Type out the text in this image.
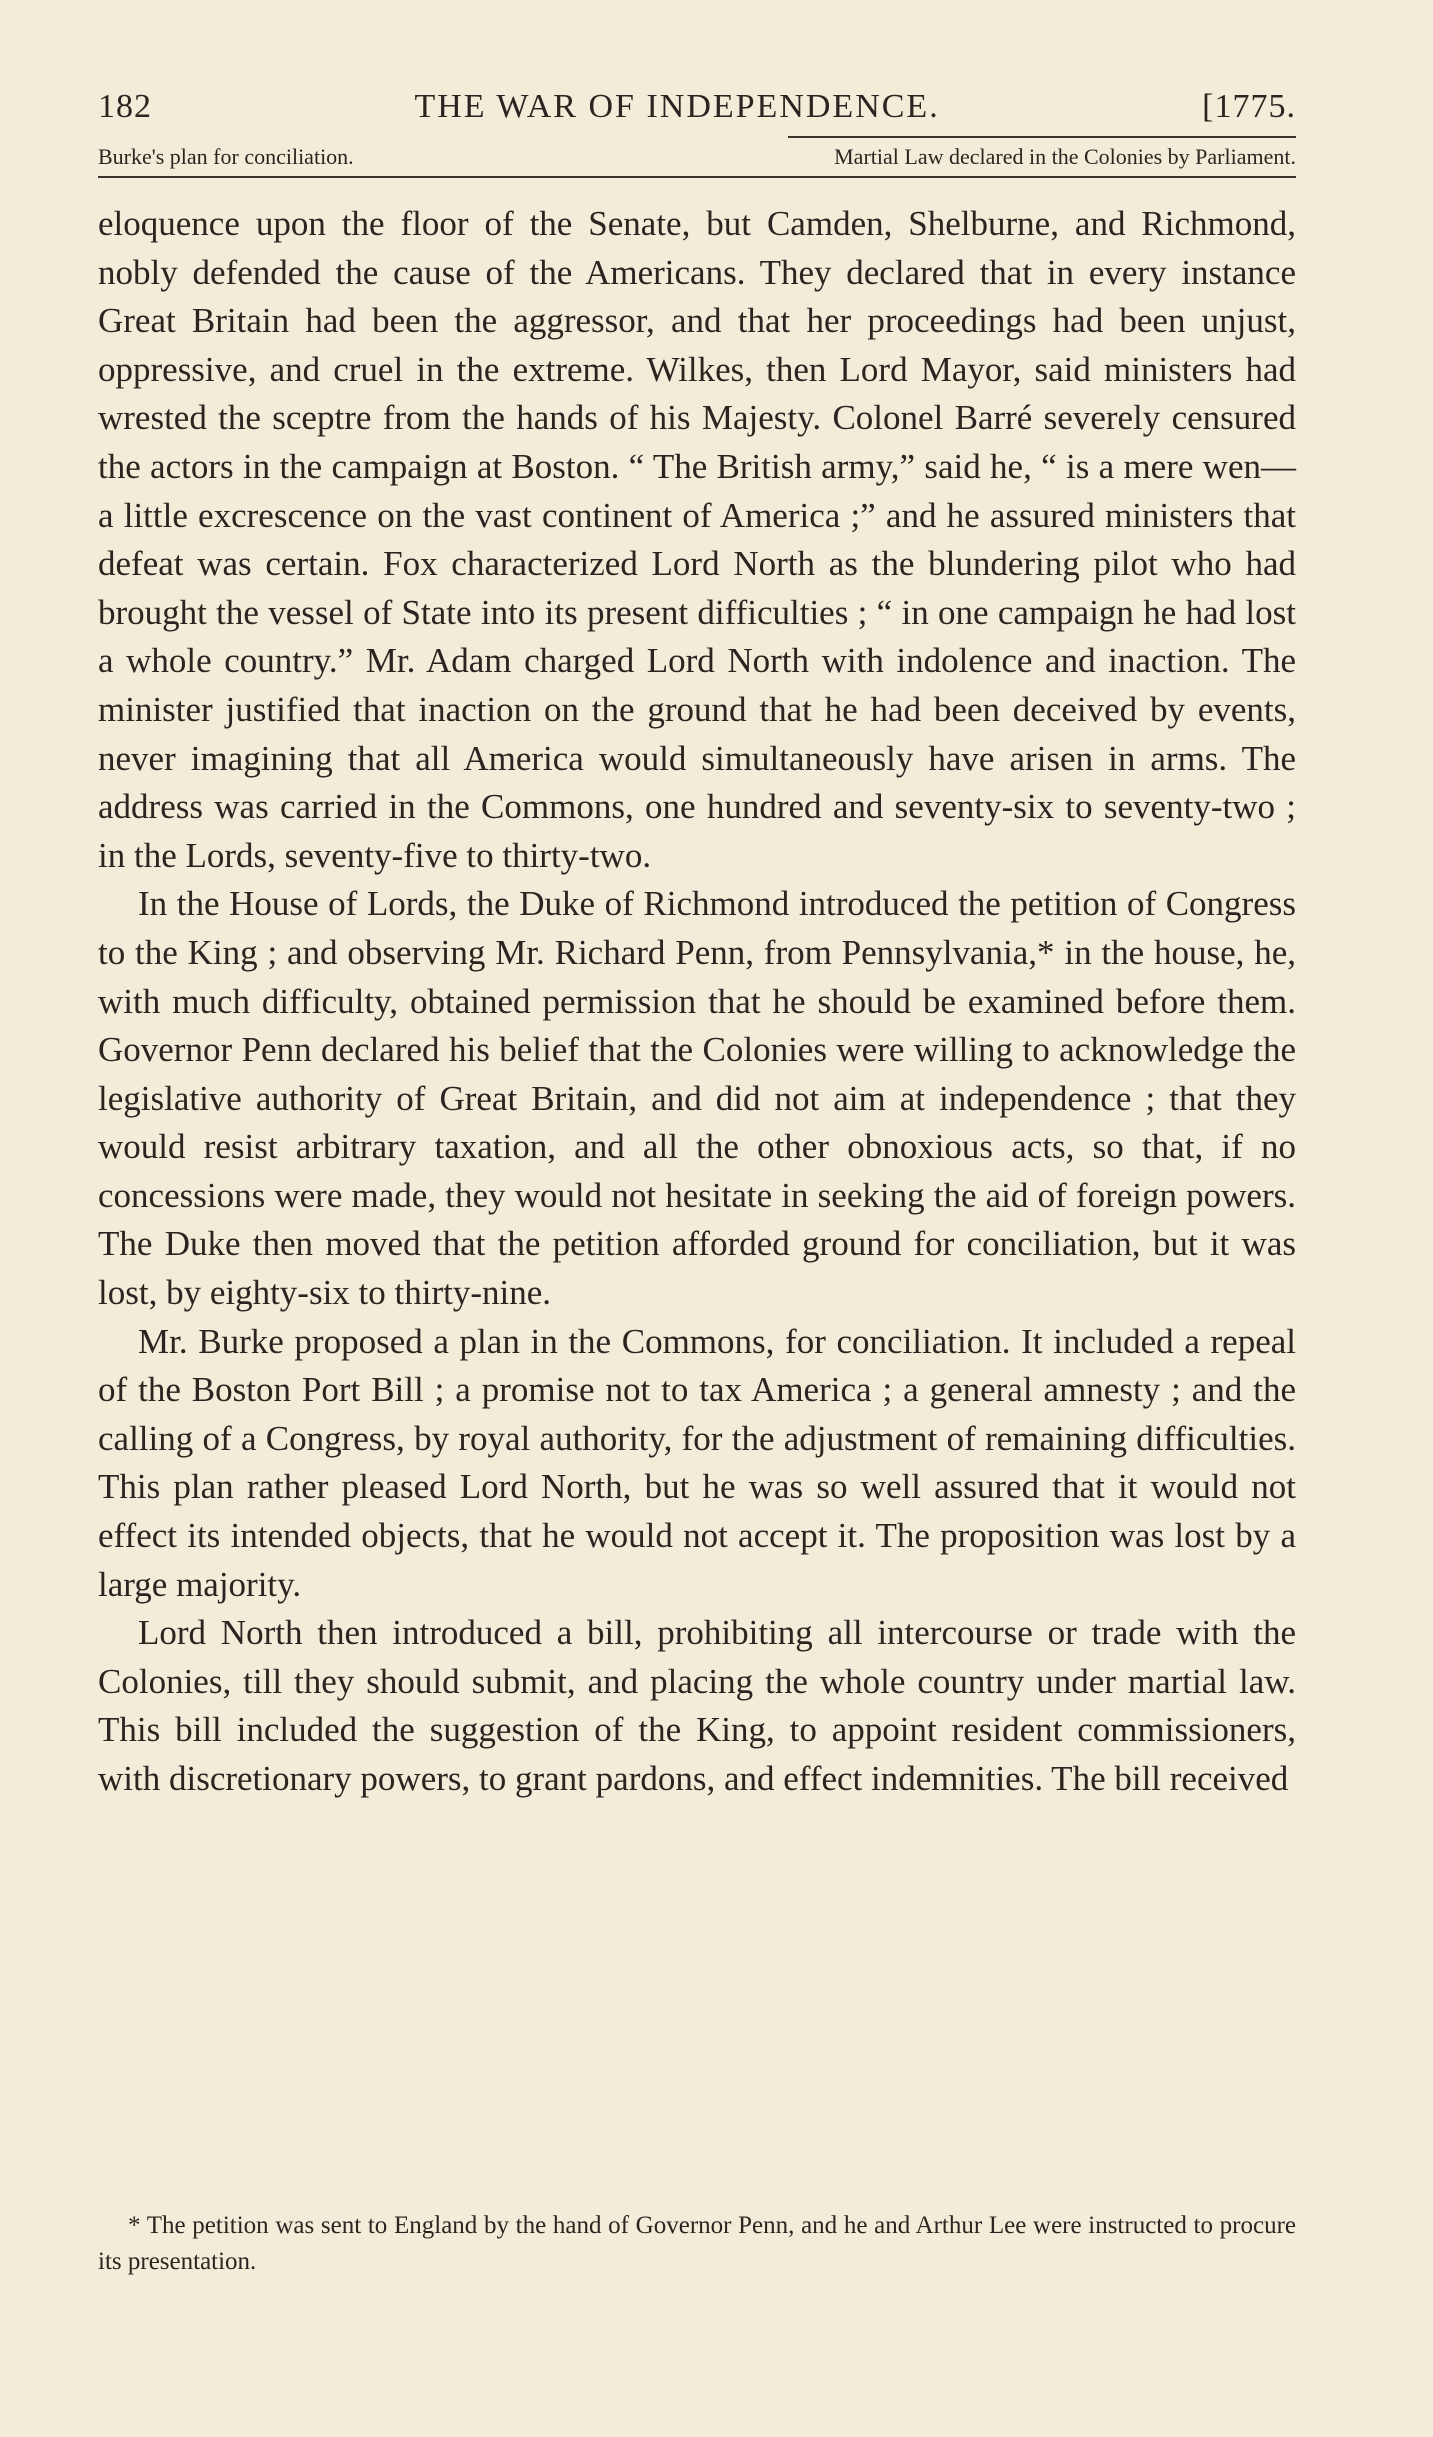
182	THE WAR OF INDEPENDENCE.	[1775.
Burke's plan for conciliation.	Martial Law declared in the Colonies by Parliament.

eloquence upon the floor of the Senate, but Camden, Shelburne, and Richmond, nobly defended the cause of the Americans. They declared that in every instance Great Britain had been the aggressor, and that her proceedings had been unjust, oppressive, and cruel in the extreme. Wilkes, then Lord Mayor, said ministers had wrested the sceptre from the hands of his Majesty. Colonel Barré severely censured the actors in the campaign at Boston. “ The British army,” said he, “ is a mere wen—a little excrescence on the vast continent of America ;” and he assured ministers that defeat was certain. Fox characterized Lord North as the blundering pilot who had brought the vessel of State into its present difficulties ; “ in one campaign he had lost a whole country.” Mr. Adam charged Lord North with indolence and inaction. The minister justified that inaction on the ground that he had been deceived by events, never imagining that all America would simultaneously have arisen in arms. The address was carried in the Commons, one hundred and seventy-six to seventy-two ; in the Lords, seventy-five to thirty-two.

In the House of Lords, the Duke of Richmond introduced the petition of Congress to the King ; and observing Mr. Richard Penn, from Pennsylvania,* in the house, he, with much difficulty, obtained permission that he should be examined before them. Governor Penn declared his belief that the Colonies were willing to acknowledge the legislative authority of Great Britain, and did not aim at independence ; that they would resist arbitrary taxation, and all the other obnoxious acts, so that, if no concessions were made, they would not hesitate in seeking the aid of foreign powers. The Duke then moved that the petition afforded ground for conciliation, but it was lost, by eighty-six to thirty-nine.

Mr. Burke proposed a plan in the Commons, for conciliation. It included a repeal of the Boston Port Bill ; a promise not to tax America ; a general amnesty ; and the calling of a Congress, by royal authority, for the adjustment of remaining difficulties. This plan rather pleased Lord North, but he was so well assured that it would not effect its intended objects, that he would not accept it. The proposition was lost by a large majority.

Lord North then introduced a bill, prohibiting all intercourse or trade with the Colonies, till they should submit, and placing the whole country under martial law. This bill included the suggestion of the King, to appoint resident commissioners, with discretionary powers, to grant pardons, and effect indemnities. The bill received

* The petition was sent to England by the hand of Governor Penn, and he and Arthur Lee were instructed to procure its presentation.
